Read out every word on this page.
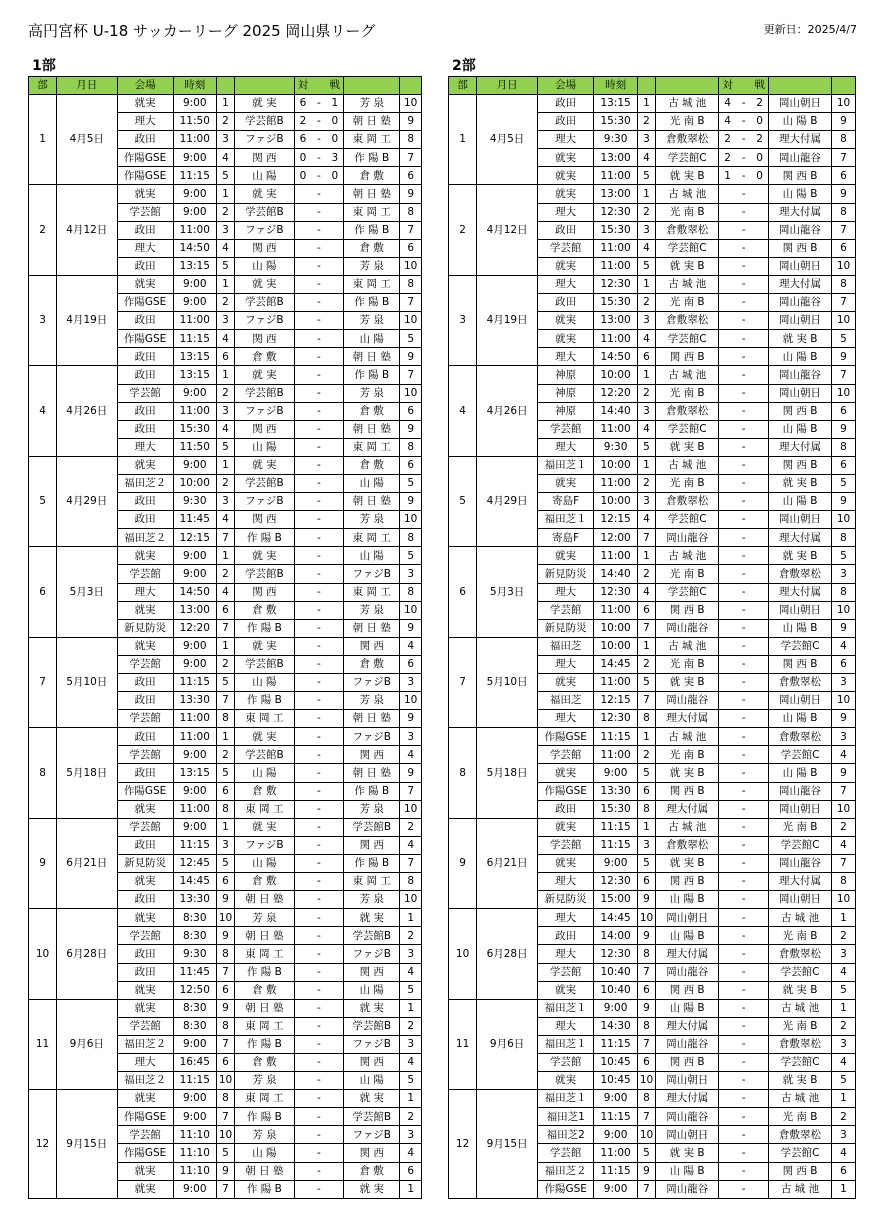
高円宮杯 U-18 サッカーリーグ 2025 岡山県リーグ	更新日：2025/4/7
1部	2部
部	月日	会場	時刻			対		戦		
1	4月5日	就実	9:00	1	就 実	6	-	1	芳 泉	10
		理大	11:50	2	学芸館B	2	-	0	朝 日 塾	9
		政田	11:00	3	ファジB	6	-	0	東 岡 工	8
		作陽GSE	9:00	4	関 西	0	-	3	作 陽 B	7
		作陽GSE	11:15	5	山 陽	0	-	0	倉 敷	6
2	4月12日	就実	9:00	1	就 実		-		朝 日 塾	9
		学芸館	9:00	2	学芸館B		-		東 岡 工	8
		政田	11:00	3	ファジB		-		作 陽 B	7
		理大	14:50	4	関 西		-		倉 敷	6
		政田	13:15	5	山 陽		-		芳 泉	10
3	4月19日	就実	9:00	1	就 実		-		東 岡 工	8
		作陽GSE	9:00	2	学芸館B		-		作 陽 B	7
		政田	11:00	3	ファジB		-		芳 泉	10
		作陽GSE	11:15	4	関 西		-		山 陽	5
		政田	13:15	6	倉 敷		-		朝 日 塾	9
4	4月26日	政田	13:15	1	就 実		-		作 陽 B	7
		学芸館	9:00	2	学芸館B		-		芳 泉	10
		政田	11:00	3	ファジB		-		倉 敷	6
		政田	15:30	4	関 西		-		朝 日 塾	9
		理大	11:50	5	山 陽		-		東 岡 工	8
5	4月29日	就実	9:00	1	就 実		-		倉 敷	6
		福田芝２	10:00	2	学芸館B		-		山 陽	5
		政田	9:30	3	ファジB		-		朝 日 塾	9
		政田	11:45	4	関 西		-		芳 泉	10
		福田芝２	12:15	7	作 陽 B		-		東 岡 工	8
6	5月3日	就実	9:00	1	就 実		-		山 陽	5
		学芸館	9:00	2	学芸館B		-		ファジB	3
		理大	14:50	4	関 西		-		東 岡 工	8
		就実	13:00	6	倉 敷		-		芳 泉	10
		新見防災	12:20	7	作 陽 B		-		朝 日 塾	9
7	5月10日	就実	9:00	1	就 実		-		関 西	4
		学芸館	9:00	2	学芸館B		-		倉 敷	6
		政田	11:15	5	山 陽		-		ファジB	3
		政田	13:30	7	作 陽 B		-		芳 泉	10
		学芸館	11:00	8	東 岡 工		-		朝 日 塾	9
8	5月18日	政田	11:00	1	就 実		-		ファジB	3
		学芸館	9:00	2	学芸館B		-		関 西	4
		政田	13:15	5	山 陽		-		朝 日 塾	9
		作陽GSE	9:00	6	倉 敷		-		作 陽 B	7
		就実	11:00	8	東 岡 工		-		芳 泉	10
9	6月21日	学芸館	9:00	1	就 実		-		学芸館B	2
		政田	11:15	3	ファジB		-		関 西	4
		新見防災	12:45	5	山 陽		-		作 陽 B	7
		就実	14:45	6	倉 敷		-		東 岡 工	8
		政田	13:30	9	朝 日 塾		-		芳 泉	10
10	6月28日	就実	8:30	10	芳 泉		-		就 実	1
		学芸館	8:30	9	朝 日 塾		-		学芸館B	2
		政田	9:30	8	東 岡 工		-		ファジB	3
		政田	11:45	7	作 陽 B		-		関 西	4
		就実	12:50	6	倉 敷		-		山 陽	5
11	9月6日	就実	8:30	9	朝 日 塾		-		就 実	1
		学芸館	8:30	8	東 岡 工		-		学芸館B	2
		福田芝２	9:00	7	作 陽 B		-		ファジB	3
		理大	16:45	6	倉 敷		-		関 西	4
		福田芝２	11:15	10	芳 泉		-		山 陽	5
12	9月15日	就実	9:00	8	東 岡 工		-		就 実	1
		作陽GSE	9:00	7	作 陽 B		-		学芸館B	2
		学芸館	11:10	10	芳 泉		-		ファジB	3
		作陽GSE	11:10	5	山 陽		-		関 西	4
		就実	11:10	9	朝 日 塾		-		倉 敷	6
		就実	9:00	7	作 陽 B		-		就 実	1
部	月日	会場	時刻			対		戦		
1	4月5日	政田	13:15	1	古 城 池	4	-	2	岡山朝日	10
		政田	15:30	2	光 南 B	4	-	0	山 陽 B	9
		理大	9:30	3	倉敷翠松	2	-	2	理大付属	8
		就実	13:00	4	学芸館C	2	-	0	岡山龍谷	7
		就実	11:00	5	就 実 B	1	-	0	関 西 B	6
2	4月12日	就実	13:00	1	古 城 池		-		山 陽 B	9
		理大	12:30	2	光 南 B		-		理大付属	8
		政田	15:30	3	倉敷翠松		-		岡山龍谷	7
		学芸館	11:00	4	学芸館C		-		関 西 B	6
		就実	11:00	5	就 実 B		-		岡山朝日	10
3	4月19日	理大	12:30	1	古 城 池		-		理大付属	8
		政田	15:30	2	光 南 B		-		岡山龍谷	7
		就実	13:00	3	倉敷翠松		-		岡山朝日	10
		就実	11:00	4	学芸館C		-		就 実 B	5
		理大	14:50	6	関 西 B		-		山 陽 B	9
4	4月26日	神原	10:00	1	古 城 池		-		岡山龍谷	7
		神原	12:20	2	光 南 B		-		岡山朝日	10
		神原	14:40	3	倉敷翠松		-		関 西 B	6
		学芸館	11:00	4	学芸館C		-		山 陽 B	9
		理大	9:30	5	就 実 B		-		理大付属	8
5	4月29日	福田芝１	10:00	1	古 城 池		-		関 西 B	6
		就実	11:00	2	光 南 B		-		就 実 B	5
		寄島F	10:00	3	倉敷翠松		-		山 陽 B	9
		福田芝１	12:15	4	学芸館C		-		岡山朝日	10
		寄島F	12:00	7	岡山龍谷		-		理大付属	8
6	5月3日	就実	11:00	1	古 城 池		-		就 実 B	5
		新見防災	14:40	2	光 南 B		-		倉敷翠松	3
		理大	12:30	4	学芸館C		-		理大付属	8
		学芸館	11:00	6	関 西 B		-		岡山朝日	10
		新見防災	10:00	7	岡山龍谷		-		山 陽 B	9
7	5月10日	福田芝	10:00	1	古 城 池		-		学芸館C	4
		理大	14:45	2	光 南 B		-		関 西 B	6
		就実	11:00	5	就 実 B		-		倉敷翠松	3
		福田芝	12:15	7	岡山龍谷		-		岡山朝日	10
		理大	12:30	8	理大付属		-		山 陽 B	9
8	5月18日	作陽GSE	11:15	1	古 城 池		-		倉敷翠松	3
		学芸館	11:00	2	光 南 B		-		学芸館C	4
		就実	9:00	5	就 実 B		-		山 陽 B	9
		作陽GSE	13:30	6	関 西 B		-		岡山龍谷	7
		政田	15:30	8	理大付属		-		岡山朝日	10
9	6月21日	就実	11:15	1	古 城 池		-		光 南 B	2
		学芸館	11:15	3	倉敷翠松		-		学芸館C	4
		就実	9:00	5	就 実 B		-		岡山龍谷	7
		理大	12:30	6	関 西 B		-		理大付属	8
		新見防災	15:00	9	山 陽 B		-		岡山朝日	10
10	6月28日	理大	14:45	10	岡山朝日		-		古 城 池	1
		政田	14:00	9	山 陽 B		-		光 南 B	2
		理大	12:30	8	理大付属		-		倉敷翠松	3
		学芸館	10:40	7	岡山龍谷		-		学芸館C	4
		就実	10:40	6	関 西 B		-		就 実 B	5
11	9月6日	福田芝１	9:00	9	山 陽 B		-		古 城 池	1
		理大	14:30	8	理大付属		-		光 南 B	2
		福田芝１	11:15	7	岡山龍谷		-		倉敷翠松	3
		学芸館	10:45	6	関 西 B		-		学芸館C	4
		就実	10:45	10	岡山朝日		-		就 実 B	5
12	9月15日	福田芝１	9:00	8	理大付属		-		古 城 池	1
		福田芝1	11:15	7	岡山龍谷		-		光 南 B	2
		福田芝2	9:00	10	岡山朝日		-		倉敷翠松	3
		学芸館	11:00	5	就 実 B		-		学芸館C	4
		福田芝２	11:15	9	山 陽 B		-		関 西 B	6
		作陽GSE	9:00	7	岡山龍谷		-		古 城 池	1
